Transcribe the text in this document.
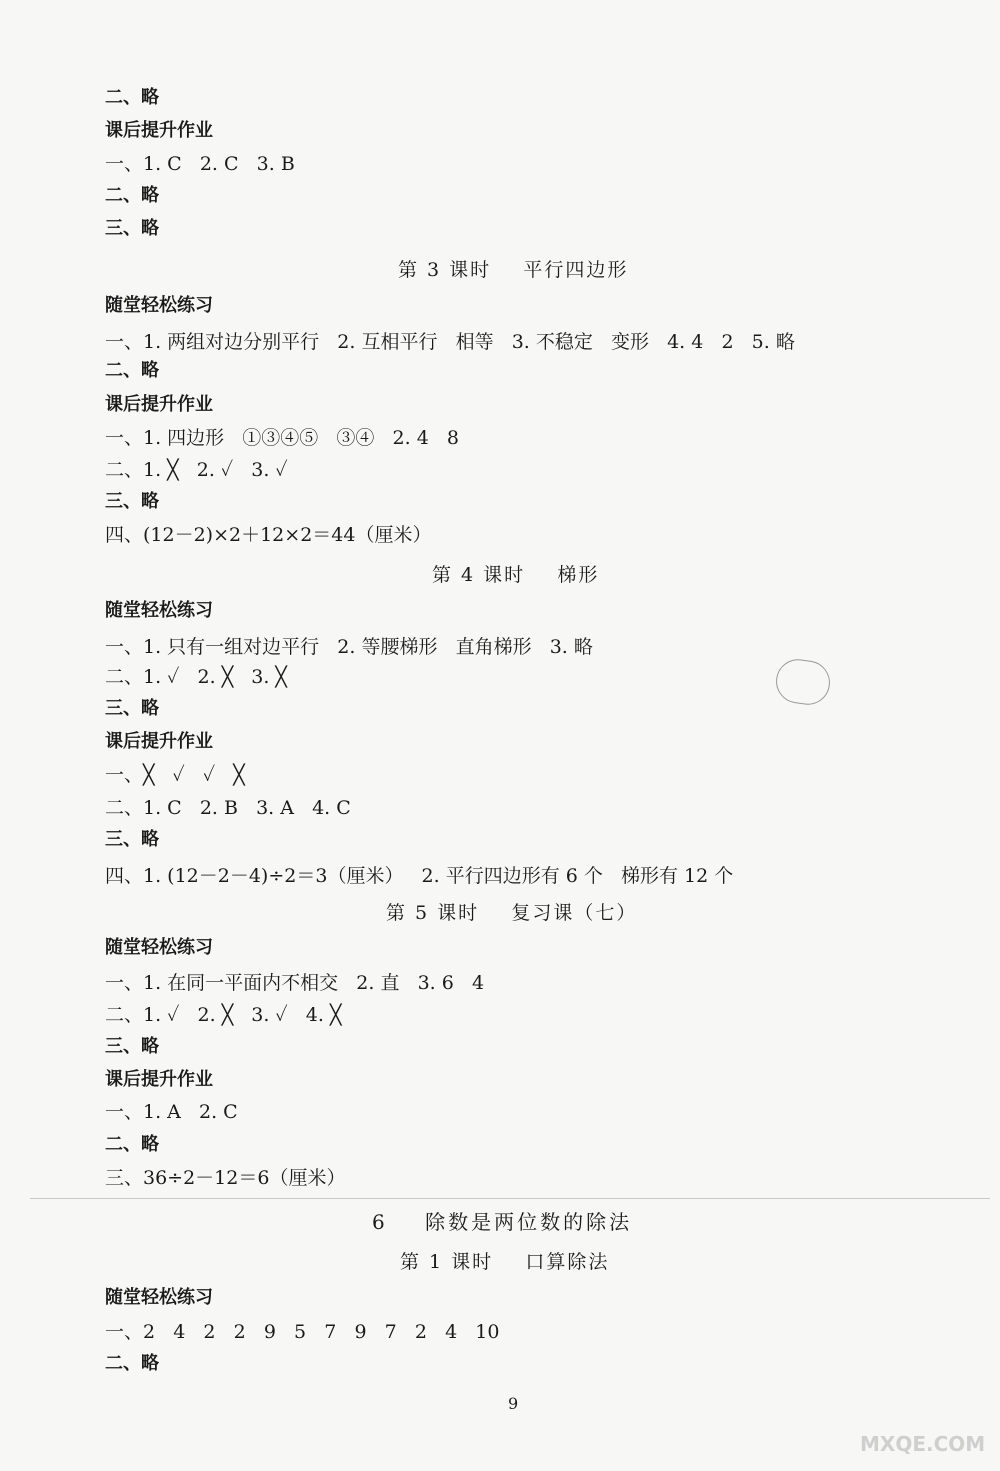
二、略
课后提升作业
一、1. C   2. C   3. B
二、略
三、略
第 3 课时    平行四边形
随堂轻松练习
一、1. 两组对边分别平行   2. 互相平行   相等   3. 不稳定   变形   4. 4   2   5. 略
二、略
课后提升作业
一、1. 四边形   ①③④⑤   ③④   2. 4   8
二、1. ╳   2. ✓   3. ✓
三、略
四、(12－2)×2＋12×2＝44（厘米）
第 4 课时    梯形
随堂轻松练习
一、1. 只有一组对边平行   2. 等腰梯形   直角梯形   3. 略
二、1. ✓   2. ╳   3. ╳
三、略
课后提升作业
一、╳   ✓   ✓   ╳
二、1. C   2. B   3. A   4. C
三、略
四、1. (12－2－4)÷2＝3（厘米）   2. 平行四边形有 6 个   梯形有 12 个
第 5 课时    复习课（七）
随堂轻松练习
一、1. 在同一平面内不相交   2. 直   3. 6   4
二、1. ✓   2. ╳   3. ✓   4. ╳
三、略
课后提升作业
一、1. A   2. C
二、略
三、36÷2－12＝6（厘米）
6    除数是两位数的除法
第 1 课时    口算除法
随堂轻松练习
一、2   4   2   2   9   5   7   9   7   2   4   10
二、略
9
MXQE.COM
